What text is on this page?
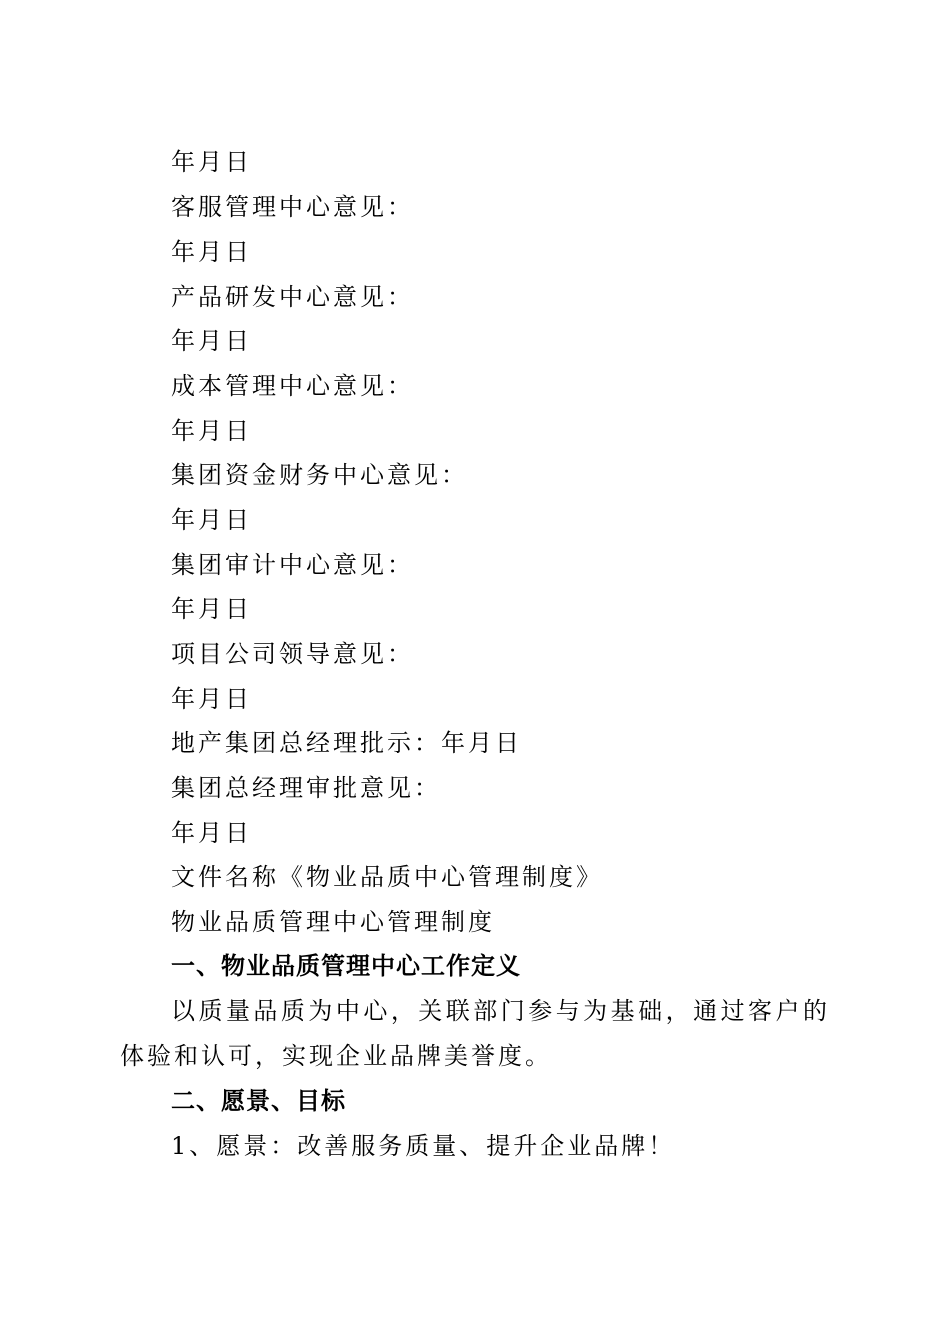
年月日
客服管理中心意见：
年月日
产品研发中心意见：
年月日
成本管理中心意见：
年月日
集团资金财务中心意见：
年月日
集团审计中心意见：
年月日
项目公司领导意见：
年月日
地产集团总经理批示：年月日
集团总经理审批意见：
年月日
文件名称《物业品质中心管理制度》
物业品质管理中心管理制度
一、物业品质管理中心工作定义
以质量品质为中心，关联部门参与为基础，通过客户的体验和认可，实现企业品牌美誉度。
二、愿景、目标
1、愿景：改善服务质量、提升企业品牌！
